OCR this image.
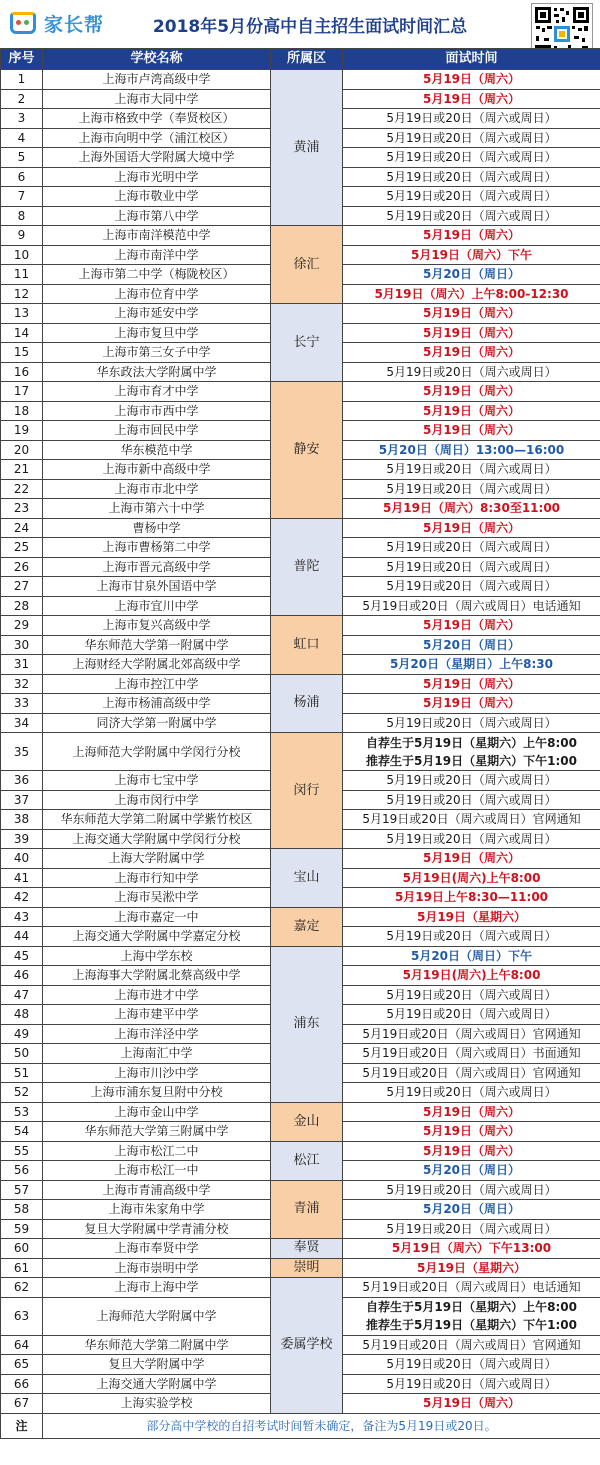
家长帮	2018年5月份高中自主招生面试时间汇总
序号	学校名称	所属区	面试时间
1	上海市卢湾高级中学	黄浦	5月19日（周六）
2	上海市大同中学		5月19日（周六）
3	上海市格致中学（奉贤校区）		5月19日或20日（周六或周日）
4	上海市向明中学（浦江校区）		5月19日或20日（周六或周日）
5	上海外国语大学附属大境中学		5月19日或20日（周六或周日）
6	上海市光明中学		5月19日或20日（周六或周日）
7	上海市敬业中学		5月19日或20日（周六或周日）
8	上海市第八中学		5月19日或20日（周六或周日）
9	上海市南洋模范中学	徐汇	5月19日（周六）
10	上海市南洋中学		5月19日（周六）下午
11	上海市第二中学（梅陇校区）		5月20日（周日）
12	上海市位育中学		5月19日（周六）上午8:00-12:30
13	上海市延安中学	长宁	5月19日（周六）
14	上海市复旦中学		5月19日（周六）
15	上海市第三女子中学		5月19日（周六）
16	华东政法大学附属中学		5月19日或20日（周六或周日）
17	上海市育才中学	静安	5月19日（周六）
18	上海市市西中学		5月19日（周六）
19	上海市回民中学		5月19日（周六）
20	华东模范中学		5月20日（周日）13:00—16:00
21	上海市新中高级中学		5月19日或20日（周六或周日）
22	上海市市北中学		5月19日或20日（周六或周日）
23	上海市第六十中学		5月19日（周六）8:30至11:00
24	曹杨中学	普陀	5月19日（周六）
25	上海市曹杨第二中学		5月19日或20日（周六或周日）
26	上海市晋元高级中学		5月19日或20日（周六或周日）
27	上海市甘泉外国语中学		5月19日或20日（周六或周日）
28	上海市宜川中学		5月19日或20日（周六或周日）电话通知
29	上海市复兴高级中学	虹口	5月19日（周六）
30	华东师范大学第一附属中学		5月20日（周日）
31	上海财经大学附属北郊高级中学		5月20日（星期日）上午8:30
32	上海市控江中学	杨浦	5月19日（周六）
33	上海市杨浦高级中学		5月19日（周六）
34	同济大学第一附属中学		5月19日或20日（周六或周日）
35	上海师范大学附属中学闵行分校	闵行	自荐生于5月19日（星期六）上午8:00
推荐生于5月19日（星期六）下午1:00

36	上海市七宝中学		5月19日或20日（周六或周日）
37	上海市闵行中学		5月19日或20日（周六或周日）
38	华东师范大学第二附属中学紫竹校区		5月19日或20日（周六或周日）官网通知
39	上海交通大学附属中学闵行分校		5月19日或20日（周六或周日）
40	上海大学附属中学	宝山	5月19日（周六）
41	上海市行知中学		5月19日(周六)上午8:00
42	上海市吴淞中学		5月19日上午8:30—11:00
43	上海市嘉定一中	嘉定	5月19日（星期六）
44	上海交通大学附属中学嘉定分校		5月19日或20日（周六或周日）
45	上海中学东校	浦东	5月20日（周日）下午
46	上海海事大学附属北蔡高级中学		5月19日(周六)上午8:00
47	上海市进才中学		5月19日或20日（周六或周日）
48	上海市建平中学		5月19日或20日（周六或周日）
49	上海市洋泾中学		5月19日或20日（周六或周日）官网通知
50	上海南汇中学		5月19日或20日（周六或周日）书面通知
51	上海市川沙中学		5月19日或20日（周六或周日）官网通知
52	上海市浦东复旦附中分校		5月19日或20日（周六或周日）
53	上海市金山中学	金山	5月19日（周六）
54	华东师范大学第三附属中学		5月19日（周六）
55	上海市松江二中	松江	5月19日（周六）
56	上海市松江一中		5月20日（周日）
57	上海市青浦高级中学	青浦	5月19日或20日（周六或周日）
58	上海市朱家角中学		5月20日（周日）
59	复旦大学附属中学青浦分校		5月19日或20日（周六或周日）
60	上海市奉贤中学	奉贤	5月19日（周六）下午13:00
61	上海市崇明中学	崇明	5月19日（星期六）
62	上海市上海中学	委属学校	5月19日或20日（周六或周日）电话通知
63	上海师范大学附属中学		自荐生于5月19日（星期六）上午8:00
推荐生于5月19日（星期六）下午1:00

64	华东师范大学第二附属中学		5月19日或20日（周六或周日）官网通知
65	复旦大学附属中学		5月19日或20日（周六或周日）
66	上海交通大学附属中学		5月19日或20日（周六或周日）
67	上海实验学校		5月19日（周六）
注	部分高中学校的自招考试时间暂未确定，备注为5月19日或20日。		
